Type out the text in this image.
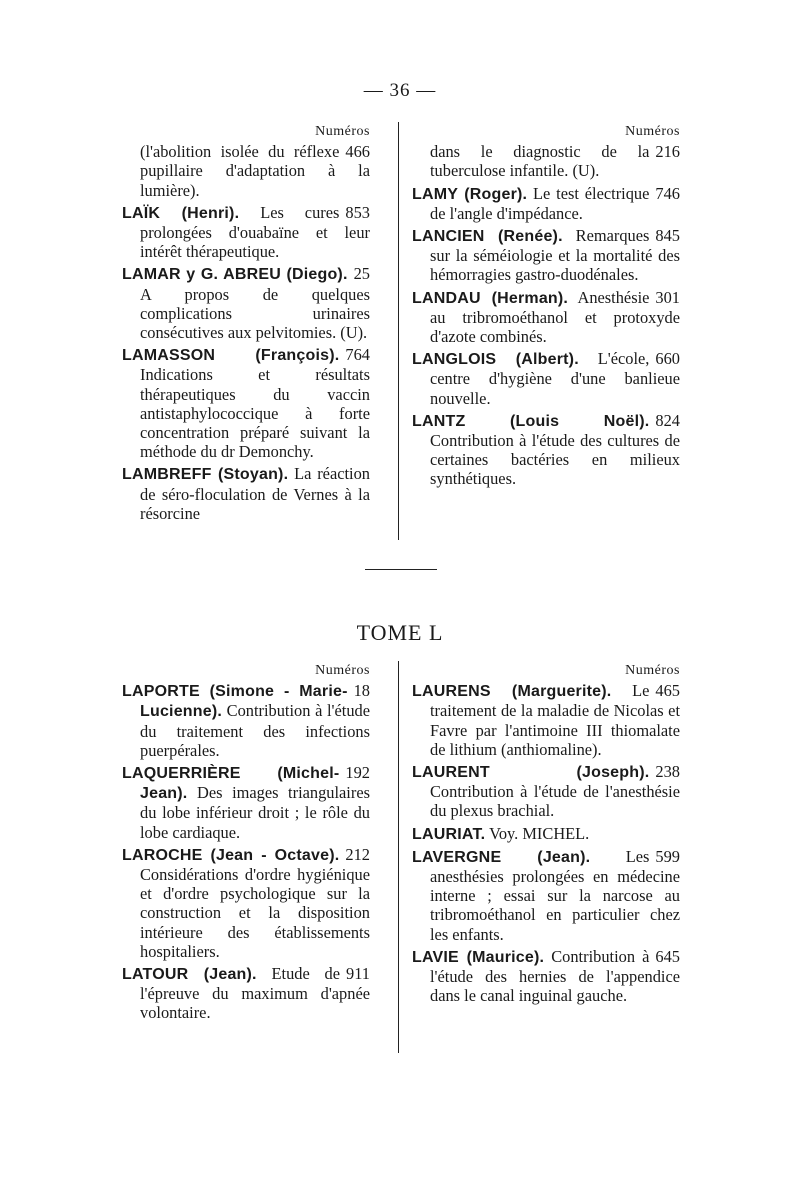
— 36 —
Numéros

466
(l'abolition isolée du réflexe pupillaire d'adaptation à la lumière).

853
LAÏK (Henri). Les cures prolongées d'ouabaïne et leur intérêt thérapeutique.

25
LAMAR y G. ABREU (Diego). A propos de quelques complications urinaires consécutives aux pelvitomies. (U).

764
LAMASSON (François). Indications et résultats thérapeutiques du vaccin antistaphylococcique à forte concentration préparé suivant la méthode du dr Demonchy.

LAMBREFF (Stoyan). La réaction de séro-floculation de Vernes à la résorcine

Numéros

216
dans le diagnostic de la tuberculose infantile. (U).

746
LAMY (Roger). Le test électrique de l'angle d'impédance.

845
LANCIEN (Renée). Remarques sur la séméiologie et la mortalité des hémorragies gastro-duodénales.

301
LANDAU (Herman). Anesthésie au tribromoéthanol et protoxyde d'azote combinés.

660
LANGLOIS (Albert). L'école, centre d'hygiène d'une banlieue nouvelle.

824
LANTZ (Louis Noël). Contribution à l'étude des cultures de certaines bactéries en milieux synthétiques.

TOME L
Numéros

18
LAPORTE (Simone - Marie-Lucienne). Contribution à l'étude du traitement des infections puerpérales.

192
LAQUERRIÈRE (Michel-Jean). Des images triangulaires du lobe inférieur droit ; le rôle du lobe cardiaque.

212
LAROCHE (Jean - Octave). Considérations d'ordre hygiénique et d'ordre psychologique sur la construction et la disposition intérieure des établissements hospitaliers.

911
LATOUR (Jean). Etude de l'épreuve du maximum d'apnée volontaire.

Numéros

465
LAURENS (Marguerite). Le traitement de la maladie de Nicolas et Favre par l'antimoine III thiomalate de lithium (anthiomaline).

238
LAURENT (Joseph). Contribution à l'étude de l'anesthésie du plexus brachial.

LAURIAT. Voy. MICHEL.

599
LAVERGNE (Jean). Les anesthésies prolongées en médecine interne ; essai sur la narcose au tribromoéthanol en particulier chez les enfants.

645
LAVIE (Maurice). Contribution à l'étude des hernies de l'appendice dans le canal inguinal gauche.
